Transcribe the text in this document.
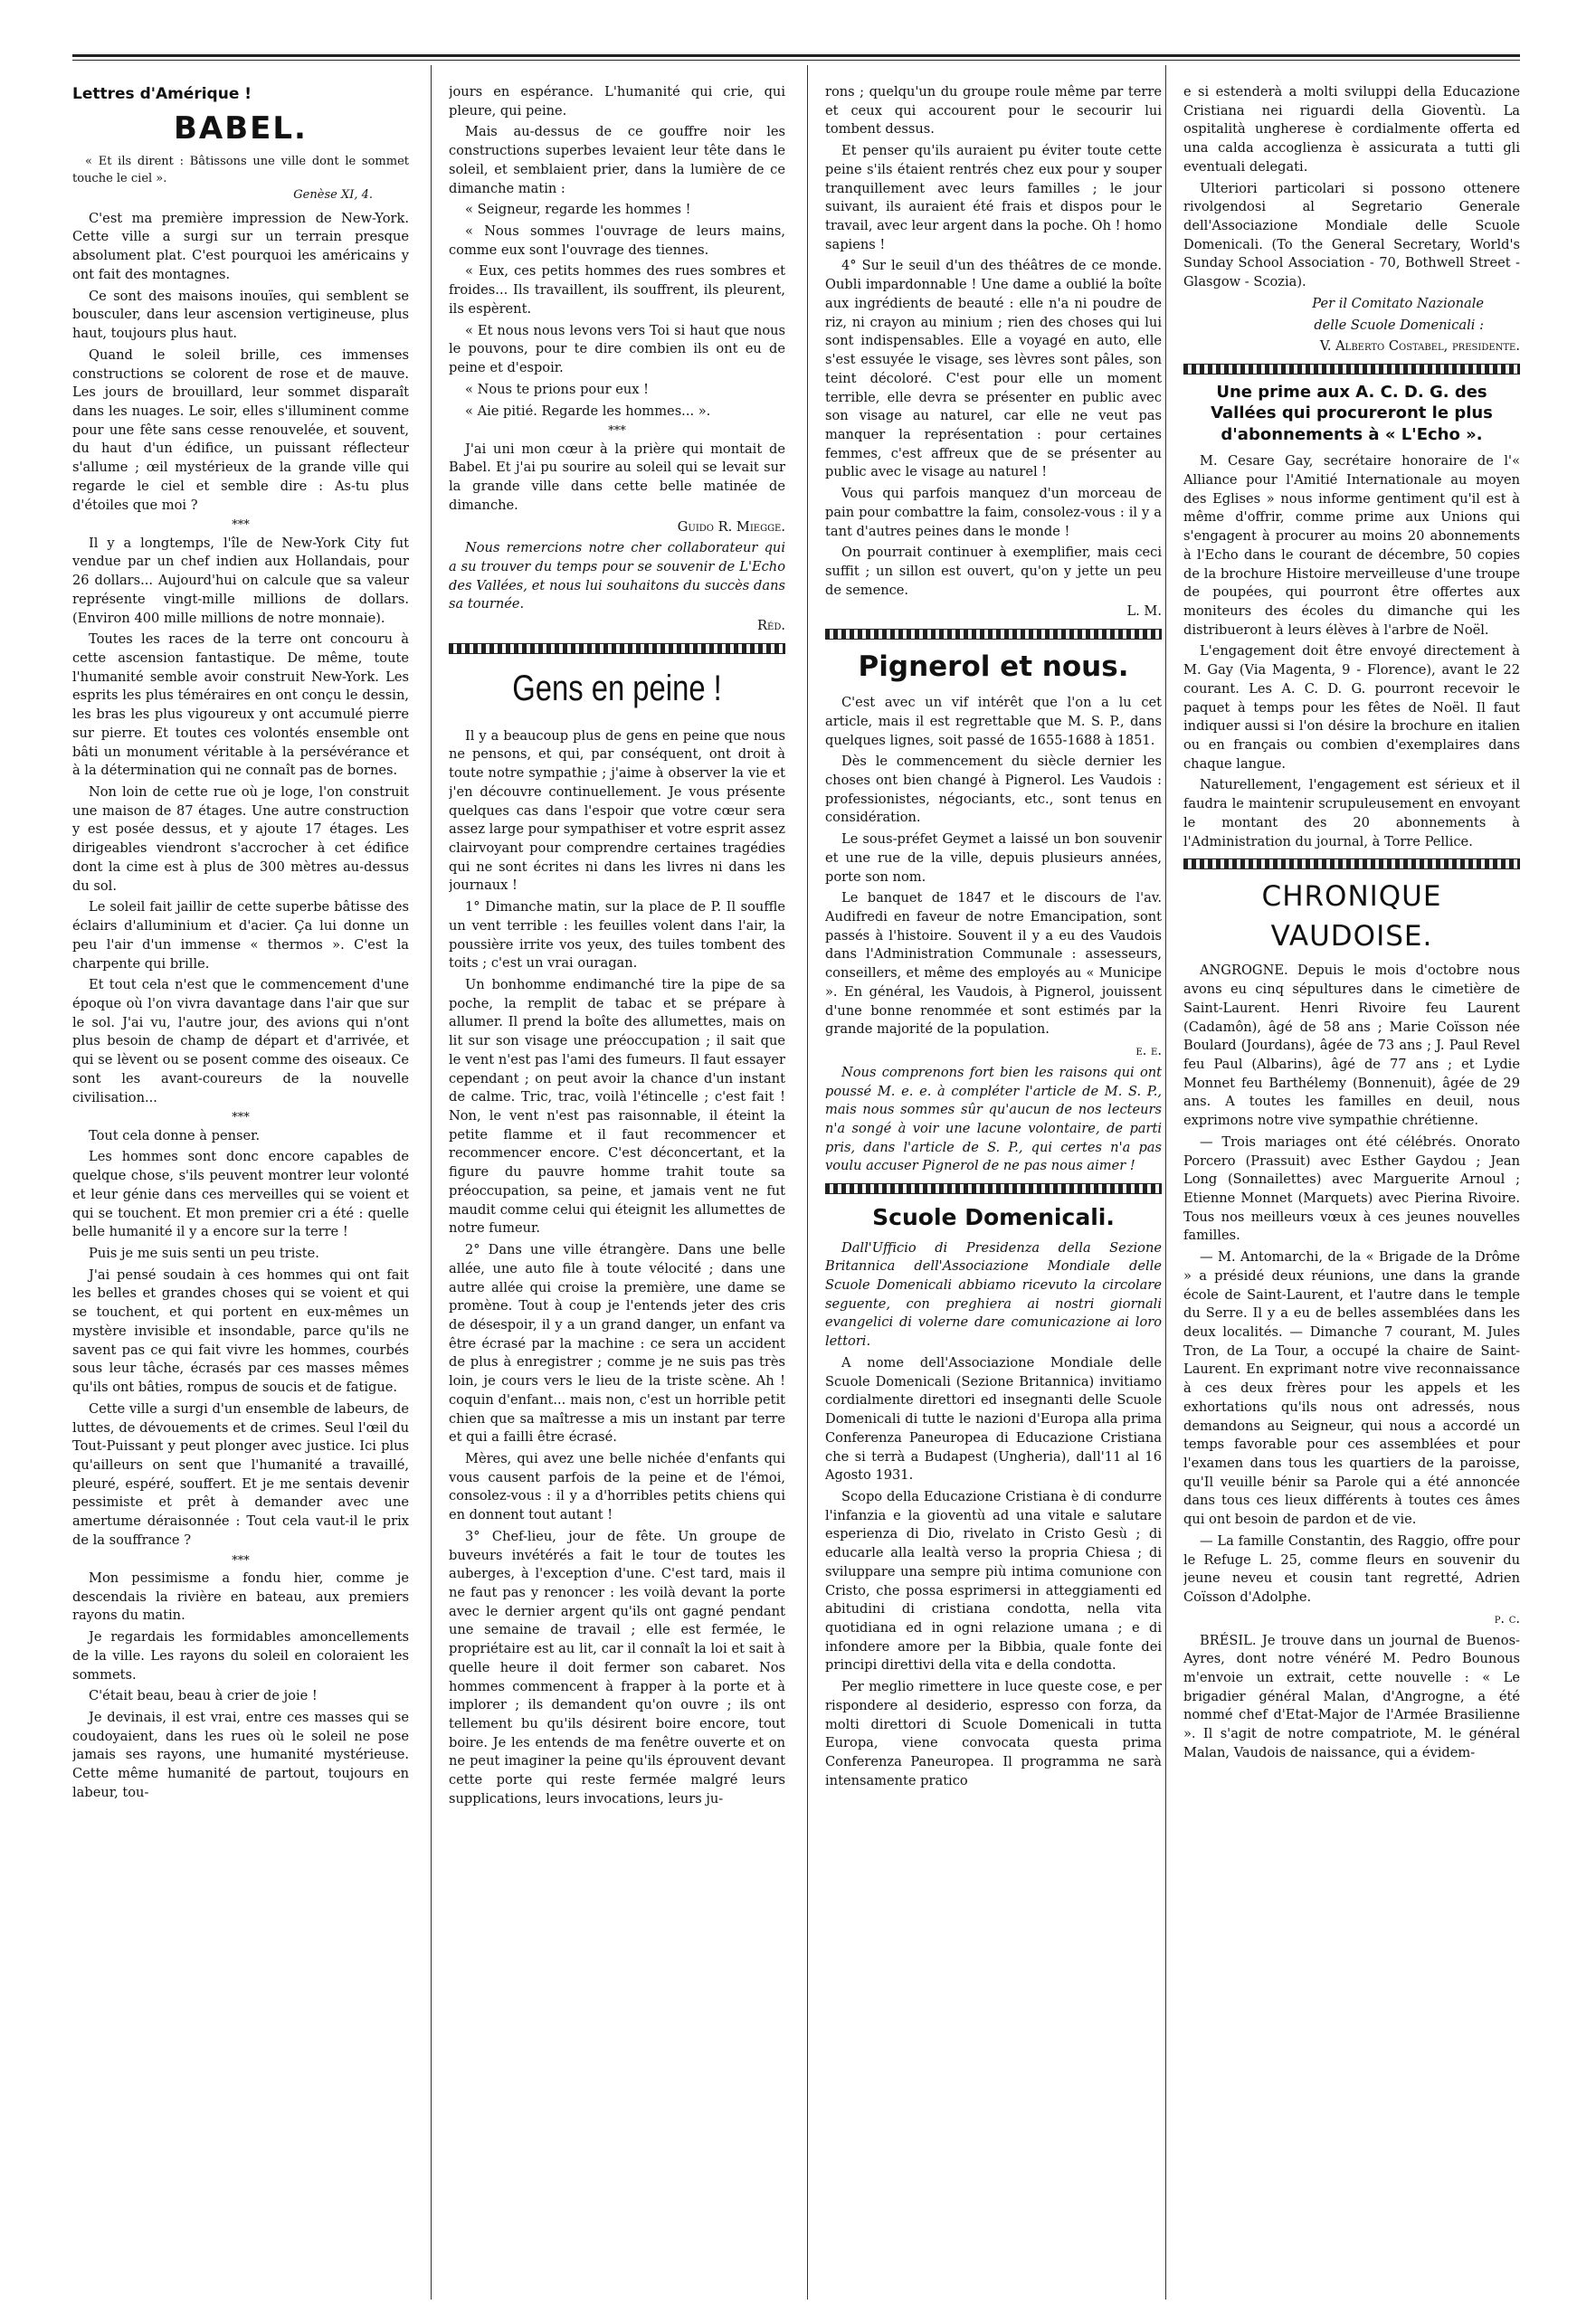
Lettres d'Amérique !
BABEL.

« Et ils dirent : Bâtissons une ville dont le sommet touche le ciel ».

Genèse XI, 4.

C'est ma première impression de New-York. Cette ville a surgi sur un terrain presque absolument plat. C'est pourquoi les américains y ont fait des montagnes.

Ce sont des maisons inouïes, qui semblent se bousculer, dans leur ascension vertigineuse, plus haut, toujours plus haut.

Quand le soleil brille, ces immenses constructions se colorent de rose et de mauve. Les jours de brouillard, leur sommet disparaît dans les nuages. Le soir, elles s'illuminent comme pour une fête sans cesse renouvelée, et souvent, du haut d'un édifice, un puissant réflecteur s'allume ; œil mystérieux de la grande ville qui regarde le ciel et semble dire : As-tu plus d'étoiles que moi ?

***

Il y a longtemps, l'île de New-York City fut vendue par un chef indien aux Hollandais, pour 26 dollars... Aujourd'hui on calcule que sa valeur représente vingt-mille millions de dollars. (Environ 400 mille millions de notre monnaie).

Toutes les races de la terre ont concouru à cette ascension fantastique. De même, toute l'humanité semble avoir construit New-York. Les esprits les plus téméraires en ont conçu le dessin, les bras les plus vigoureux y ont accumulé pierre sur pierre. Et toutes ces volontés ensemble ont bâti un monument véritable à la persévérance et à la détermination qui ne connaît pas de bornes.

Non loin de cette rue où je loge, l'on construit une maison de 87 étages. Une autre construction y est posée dessus, et y ajoute 17 étages. Les dirigeables viendront s'accrocher à cet édifice dont la cime est à plus de 300 mètres au-dessus du sol.

Le soleil fait jaillir de cette superbe bâtisse des éclairs d'alluminium et d'acier. Ça lui donne un peu l'air d'un immense « thermos ». C'est la charpente qui brille.

Et tout cela n'est que le commencement d'une époque où l'on vivra davantage dans l'air que sur le sol. J'ai vu, l'autre jour, des avions qui n'ont plus besoin de champ de départ et d'arrivée, et qui se lèvent ou se posent comme des oiseaux. Ce sont les avant-coureurs de la nouvelle civilisation...

***

Tout cela donne à penser.

Les hommes sont donc encore capables de quelque chose, s'ils peuvent montrer leur volonté et leur génie dans ces merveilles qui se voient et qui se touchent. Et mon premier cri a été : quelle belle humanité il y a encore sur la terre !

Puis je me suis senti un peu triste.

J'ai pensé soudain à ces hommes qui ont fait les belles et grandes choses qui se voient et qui se touchent, et qui portent en eux-mêmes un mystère invisible et insondable, parce qu'ils ne savent pas ce qui fait vivre les hommes, courbés sous leur tâche, écrasés par ces masses mêmes qu'ils ont bâties, rompus de soucis et de fatigue.

Cette ville a surgi d'un ensemble de labeurs, de luttes, de dévouements et de crimes. Seul l'œil du Tout-Puissant y peut plonger avec justice. Ici plus qu'ailleurs on sent que l'humanité a travaillé, pleuré, espéré, souffert. Et je me sentais devenir pessimiste et prêt à demander avec une amertume déraisonnée : Tout cela vaut-il le prix de la souffrance ?

***

Mon pessimisme a fondu hier, comme je descendais la rivière en bateau, aux premiers rayons du matin.

Je regardais les formidables amoncellements de la ville. Les rayons du soleil en coloraient les sommets.

C'était beau, beau à crier de joie !

Je devinais, il est vrai, entre ces masses qui se coudoyaient, dans les rues où le soleil ne pose jamais ses rayons, une humanité mystérieuse. Cette même humanité de partout, toujours en labeur, tou-

jours en espérance. L'humanité qui crie, qui pleure, qui peine.

Mais au-dessus de ce gouffre noir les constructions superbes levaient leur tête dans le soleil, et semblaient prier, dans la lumière de ce dimanche matin :

« Seigneur, regarde les hommes !

« Nous sommes l'ouvrage de leurs mains, comme eux sont l'ouvrage des tiennes.

« Eux, ces petits hommes des rues sombres et froides... Ils travaillent, ils souffrent, ils pleurent, ils espèrent.

« Et nous nous levons vers Toi si haut que nous le pouvons, pour te dire combien ils ont eu de peine et d'espoir.

« Nous te prions pour eux !

« Aie pitié. Regarde les hommes... ».

***

J'ai uni mon cœur à la prière qui montait de Babel. Et j'ai pu sourire au soleil qui se levait sur la grande ville dans cette belle matinée de dimanche.

Guido R. Miegge.

Nous remercions notre cher collaborateur qui a su trouver du temps pour se souvenir de L'Echo des Vallées, et nous lui souhaitons du succès dans sa tournée.

Réd.

Gens en peine !

Il y a beaucoup plus de gens en peine que nous ne pensons, et qui, par conséquent, ont droit à toute notre sympathie ; j'aime à observer la vie et j'en découvre continuellement. Je vous présente quelques cas dans l'espoir que votre cœur sera assez large pour sympathiser et votre esprit assez clairvoyant pour comprendre certaines tragédies qui ne sont écrites ni dans les livres ni dans les journaux !

1° Dimanche matin, sur la place de P. Il souffle un vent terrible : les feuilles volent dans l'air, la poussière irrite vos yeux, des tuiles tombent des toits ; c'est un vrai ouragan.

Un bonhomme endimanché tire la pipe de sa poche, la remplit de tabac et se prépare à allumer. Il prend la boîte des allumettes, mais on lit sur son visage une préoccupation ; il sait que le vent n'est pas l'ami des fumeurs. Il faut essayer cependant ; on peut avoir la chance d'un instant de calme. Tric, trac, voilà l'étincelle ; c'est fait ! Non, le vent n'est pas raisonnable, il éteint la petite flamme et il faut recommencer et recommencer encore. C'est déconcertant, et la figure du pauvre homme trahit toute sa préoccupation, sa peine, et jamais vent ne fut maudit comme celui qui éteignit les allumettes de notre fumeur.

2° Dans une ville étrangère. Dans une belle allée, une auto file à toute vélocité ; dans une autre allée qui croise la première, une dame se promène. Tout à coup je l'entends jeter des cris de désespoir, il y a un grand danger, un enfant va être écrasé par la machine : ce sera un accident de plus à enregistrer ; comme je ne suis pas très loin, je cours vers le lieu de la triste scène. Ah ! coquin d'enfant... mais non, c'est un horrible petit chien que sa maîtresse a mis un instant par terre et qui a failli être écrasé.

Mères, qui avez une belle nichée d'enfants qui vous causent parfois de la peine et de l'émoi, consolez-vous : il y a d'horribles petits chiens qui en donnent tout autant !

3° Chef-lieu, jour de fête. Un groupe de buveurs invétérés a fait le tour de toutes les auberges, à l'exception d'une. C'est tard, mais il ne faut pas y renoncer : les voilà devant la porte avec le dernier argent qu'ils ont gagné pendant une semaine de travail ; elle est fermée, le propriétaire est au lit, car il connaît la loi et sait à quelle heure il doit fermer son cabaret. Nos hommes commencent à frapper à la porte et à implorer ; ils demandent qu'on ouvre ; ils ont tellement bu qu'ils désirent boire encore, tout boire. Je les entends de ma fenêtre ouverte et on ne peut imaginer la peine qu'ils éprouvent devant cette porte qui reste fermée malgré leurs supplications, leurs invocations, leurs ju-

rons ; quelqu'un du groupe roule même par terre et ceux qui accourent pour le secourir lui tombent dessus.

Et penser qu'ils auraient pu éviter toute cette peine s'ils étaient rentrés chez eux pour y souper tranquillement avec leurs familles ; le jour suivant, ils auraient été frais et dispos pour le travail, avec leur argent dans la poche. Oh ! homo sapiens !

4° Sur le seuil d'un des théâtres de ce monde. Oubli impardonnable ! Une dame a oublié la boîte aux ingrédients de beauté : elle n'a ni poudre de riz, ni crayon au minium ; rien des choses qui lui sont indispensables. Elle a voyagé en auto, elle s'est essuyée le visage, ses lèvres sont pâles, son teint décoloré. C'est pour elle un moment terrible, elle devra se présenter en public avec son visage au naturel, car elle ne veut pas manquer la représentation : pour certaines femmes, c'est affreux que de se présenter au public avec le visage au naturel !

Vous qui parfois manquez d'un morceau de pain pour combattre la faim, consolez-vous : il y a tant d'autres peines dans le monde !

On pourrait continuer à exemplifier, mais ceci suffit ; un sillon est ouvert, qu'on y jette un peu de semence.

L. M.

Pignerol et nous.

C'est avec un vif intérêt que l'on a lu cet article, mais il est regrettable que M. S. P., dans quelques lignes, soit passé de 1655-1688 à 1851.

Dès le commencement du siècle dernier les choses ont bien changé à Pignerol. Les Vaudois : professionistes, négociants, etc., sont tenus en considération.

Le sous-préfet Geymet a laissé un bon souvenir et une rue de la ville, depuis plusieurs années, porte son nom.

Le banquet de 1847 et le discours de l'av. Audifredi en faveur de notre Emancipation, sont passés à l'histoire. Souvent il y a eu des Vaudois dans l'Administration Communale : assesseurs, conseillers, et même des employés au « Municipe ». En général, les Vaudois, à Pignerol, jouissent d'une bonne renommée et sont estimés par la grande majorité de la population.

e. e.

Nous comprenons fort bien les raisons qui ont poussé M. e. e. à compléter l'article de M. S. P., mais nous sommes sûr qu'aucun de nos lecteurs n'a songé à voir une lacune volontaire, de parti pris, dans l'article de S. P., qui certes n'a pas voulu accuser Pignerol de ne pas nous aimer !

Scuole Domenicali.

Dall'Ufficio di Presidenza della Sezione Britannica dell'Associazione Mondiale delle Scuole Domenicali abbiamo ricevuto la circolare seguente, con preghiera ai nostri giornali evangelici di volerne dare comunicazione ai loro lettori.

A nome dell'Associazione Mondiale delle Scuole Domenicali (Sezione Britannica) invitiamo cordialmente direttori ed insegnanti delle Scuole Domenicali di tutte le nazioni d'Europa alla prima Conferenza Paneuropea di Educazione Cristiana che si terrà a Budapest (Ungheria), dall'11 al 16 Agosto 1931.

Scopo della Educazione Cristiana è di condurre l'infanzia e la gioventù ad una vitale e salutare esperienza di Dio, rivelato in Cristo Gesù ; di educarle alla lealtà verso la propria Chiesa ; di sviluppare una sempre più intima comunione con Cristo, che possa esprimersi in atteggiamenti ed abitudini di cristiana condotta, nella vita quotidiana ed in ogni relazione umana ; e di infondere amore per la Bibbia, quale fonte dei principi direttivi della vita e della condotta.

Per meglio rimettere in luce queste cose, e per rispondere al desiderio, espresso con forza, da molti direttori di Scuole Domenicali in tutta Europa, viene convocata questa prima Conferenza Paneuropea. Il programma ne sarà intensamente pratico

e si estenderà a molti sviluppi della Educazione Cristiana nei riguardi della Gioventù. La ospitalità ungherese è cordialmente offerta ed una calda accoglienza è assicurata a tutti gli eventuali delegati.

Ulteriori particolari si possono ottenere rivolgendosi al Segretario Generale dell'Associazione Mondiale delle Scuole Domenicali. (To the General Secretary, World's Sunday School Association - 70, Bothwell Street - Glasgow - Scozia).

Per il Comitato Nazionale

delle Scuole Domenicali :

V. Alberto Costabel, presidente.

Une prime aux A. C. D. G. des Vallées qui procureront le plus d'abonnements à « L'Echo ».

M. Cesare Gay, secrétaire honoraire de l'« Alliance pour l'Amitié Internationale au moyen des Eglises » nous informe gentiment qu'il est à même d'offrir, comme prime aux Unions qui s'engagent à procurer au moins 20 abonnements à l'Echo dans le courant de décembre, 50 copies de la brochure Histoire merveilleuse d'une troupe de poupées, qui pourront être offertes aux moniteurs des écoles du dimanche qui les distribueront à leurs élèves à l'arbre de Noël.

L'engagement doit être envoyé directement à M. Gay (Via Magenta, 9 - Florence), avant le 22 courant. Les A. C. D. G. pourront recevoir le paquet à temps pour les fêtes de Noël. Il faut indiquer aussi si l'on désire la brochure en italien ou en français ou combien d'exemplaires dans chaque langue.

Naturellement, l'engagement est sérieux et il faudra le maintenir scrupuleusement en envoyant le montant des 20 abonnements à l'Administration du journal, à Torre Pellice.

CHRONIQUE VAUDOISE.

ANGROGNE. Depuis le mois d'octobre nous avons eu cinq sépultures dans le cimetière de Saint-Laurent. Henri Rivoire feu Laurent (Cadamôn), âgé de 58 ans ; Marie Coïsson née Boulard (Jourdans), âgée de 73 ans ; J. Paul Revel feu Paul (Albarins), âgé de 77 ans ; et Lydie Monnet feu Barthélemy (Bonnenuit), âgée de 29 ans. A toutes les familles en deuil, nous exprimons notre vive sympathie chrétienne.

— Trois mariages ont été célébrés. Onorato Porcero (Prassuit) avec Esther Gaydou ; Jean Long (Sonnailettes) avec Marguerite Arnoul ; Etienne Monnet (Marquets) avec Pierina Rivoire. Tous nos meilleurs vœux à ces jeunes nouvelles familles.

— M. Antomarchi, de la « Brigade de la Drôme » a présidé deux réunions, une dans la grande école de Saint-Laurent, et l'autre dans le temple du Serre. Il y a eu de belles assemblées dans les deux localités. — Dimanche 7 courant, M. Jules Tron, de La Tour, a occupé la chaire de Saint-Laurent. En exprimant notre vive reconnaissance à ces deux frères pour les appels et les exhortations qu'ils nous ont adressés, nous demandons au Seigneur, qui nous a accordé un temps favorable pour ces assemblées et pour l'examen dans tous les quartiers de la paroisse, qu'Il veuille bénir sa Parole qui a été annoncée dans tous ces lieux différents à toutes ces âmes qui ont besoin de pardon et de vie.

— La famille Constantin, des Raggio, offre pour le Refuge L. 25, comme fleurs en souvenir du jeune neveu et cousin tant regretté, Adrien Coïsson d'Adolphe.

p. c.

BRÉSIL. Je trouve dans un journal de Buenos-Ayres, dont notre vénéré M. Pedro Bounous m'envoie un extrait, cette nouvelle : « Le brigadier général Malan, d'Angrogne, a été nommé chef d'Etat-Major de l'Armée Brasilienne ». Il s'agit de notre compatriote, M. le général Malan, Vaudois de naissance, qui a évidem-
